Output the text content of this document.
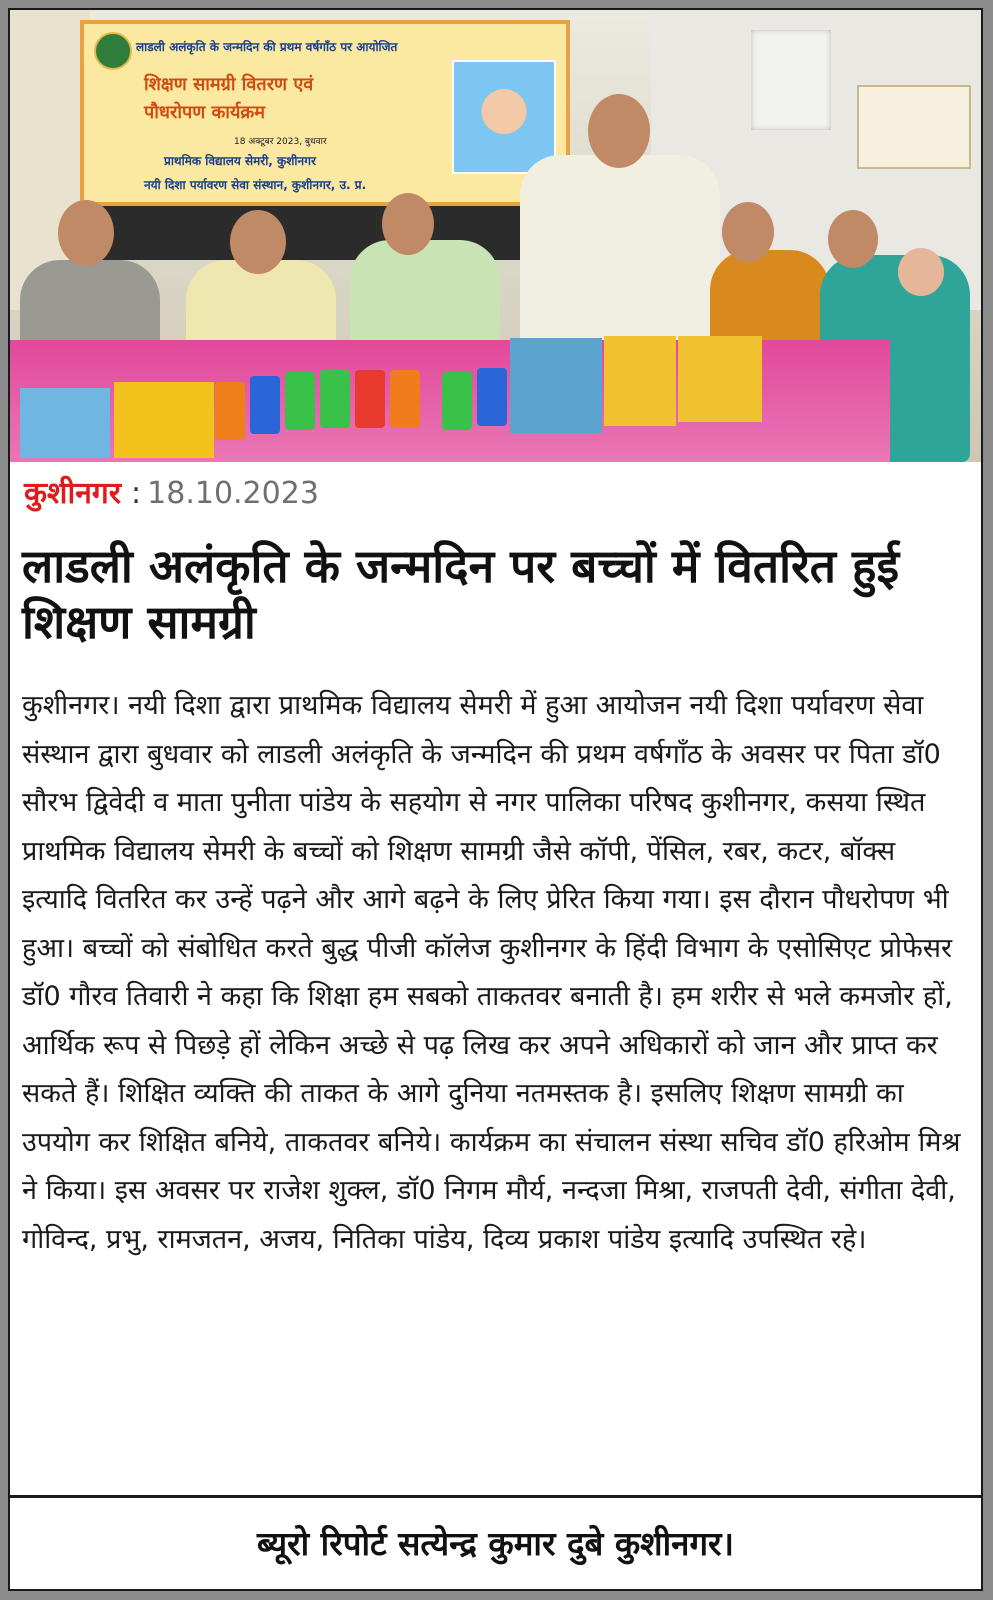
लाडली अलंकृति के जन्मदिन की प्रथम वर्षगाँठ पर आयोजित
शिक्षण सामग्री वितरण एवं
पौधरोपण कार्यक्रम
18 अक्टूबर 2023, बुधवार
प्राथमिक विद्यालय सेमरी, कुशीनगर
नयी दिशा पर्यावरण सेवा संस्थान, कुशीनगर, उ. प्र.
कुशीनगर : 18.10.2023
लाडली अलंकृति के जन्मदिन पर बच्चों में वितरित हुई शिक्षण सामग्री

कुशीनगर। नयी दिशा द्वारा प्राथमिक विद्यालय सेमरी में हुआ आयोजन नयी दिशा पर्यावरण सेवा संस्थान द्वारा बुधवार को लाडली अलंकृति के जन्मदिन की प्रथम वर्षगाँठ के अवसर पर पिता डॉ0 सौरभ द्विवेदी व माता पुनीता पांडेय के सहयोग से नगर पालिका परिषद कुशीनगर, कसया स्थित प्राथमिक विद्यालय सेमरी के बच्चों को शिक्षण सामग्री जैसे कॉपी, पेंसिल, रबर, कटर, बॉक्स इत्यादि वितरित कर उन्हें पढ़ने और आगे बढ़ने के लिए प्रेरित किया गया। इस दौरान पौधरोपण भी हुआ। बच्चों को संबोधित करते बुद्ध पीजी कॉलेज कुशीनगर के हिंदी विभाग के एसोसिएट प्रोफेसर डॉ0 गौरव तिवारी ने कहा कि शिक्षा हम सबको ताकतवर बनाती है। हम शरीर से भले कमजोर हों, आर्थिक रूप से पिछड़े हों लेकिन अच्छे से पढ़ लिख कर अपने अधिकारों को जान और प्राप्त कर सकते हैं। शिक्षित व्यक्ति की ताकत के आगे दुनिया नतमस्तक है। इसलिए शिक्षण सामग्री का उपयोग कर शिक्षित बनिये, ताकतवर बनिये। कार्यक्रम का संचालन संस्था सचिव डॉ0 हरिओम मिश्र ने किया। इस अवसर पर राजेश शुक्ल, डॉ0 निगम मौर्य, नन्दजा मिश्रा, राजपती देवी, संगीता देवी, गोविन्द, प्रभु, रामजतन, अजय, नितिका पांडेय, दिव्य प्रकाश पांडेय इत्यादि उपस्थित रहे।

ब्यूरो रिपोर्ट सत्येन्द्र कुमार दुबे कुशीनगर।
